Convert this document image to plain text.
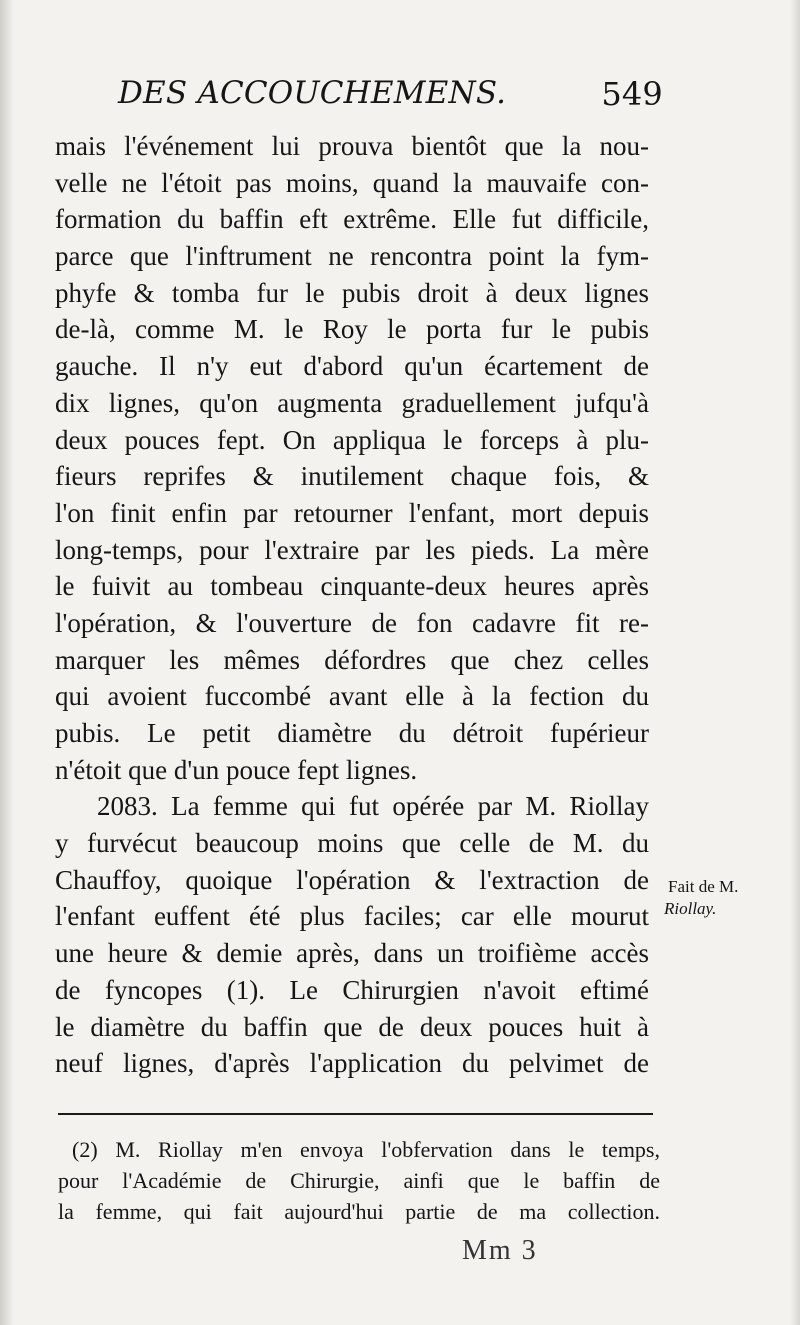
DES ACCOUCHEMENS.	549
mais l'événement lui prouva bientôt que la nou-
velle ne l'étoit pas moins, quand la mauvaife con-
formation du baffin eft extrême. Elle fut difficile,
parce que l'inftrument ne rencontra point la fym-
phyfe & tomba fur le pubis droit à deux lignes
de-là, comme M. le Roy le porta fur le pubis
gauche. Il n'y eut d'abord qu'un écartement de
dix lignes, qu'on augmenta graduellement jufqu'à
deux pouces fept. On appliqua le forceps à plu-
fieurs reprifes & inutilement chaque fois, &
l'on finit enfin par retourner l'enfant, mort depuis
long-temps, pour l'extraire par les pieds. La mère
le fuivit au tombeau cinquante-deux heures après
l'opération, & l'ouverture de fon cadavre fit re-
marquer les mêmes défordres que chez celles
qui avoient fuccombé avant elle à la fection du
pubis. Le petit diamètre du détroit fupérieur
n'étoit que d'un pouce fept lignes.
2083. La femme qui fut opérée par M. Riollay
y furvécut beaucoup moins que celle de M. du
Chauffoy, quoique l'opération & l'extraction de
l'enfant euffent été plus faciles; car elle mourut
une heure & demie après, dans un troifième accès
de fyncopes (1). Le Chirurgien n'avoit eftimé
le diamètre du baffin que de deux pouces huit à
neuf lignes, d'après l'application du pelvimet de
Fait de M.
Riollay.
(2) M. Riollay m'en envoya l'obfervation dans le temps,
pour l'Académie de Chirurgie, ainfi que le baffin de
la femme, qui fait aujourd'hui partie de ma collection.
Mm 3
